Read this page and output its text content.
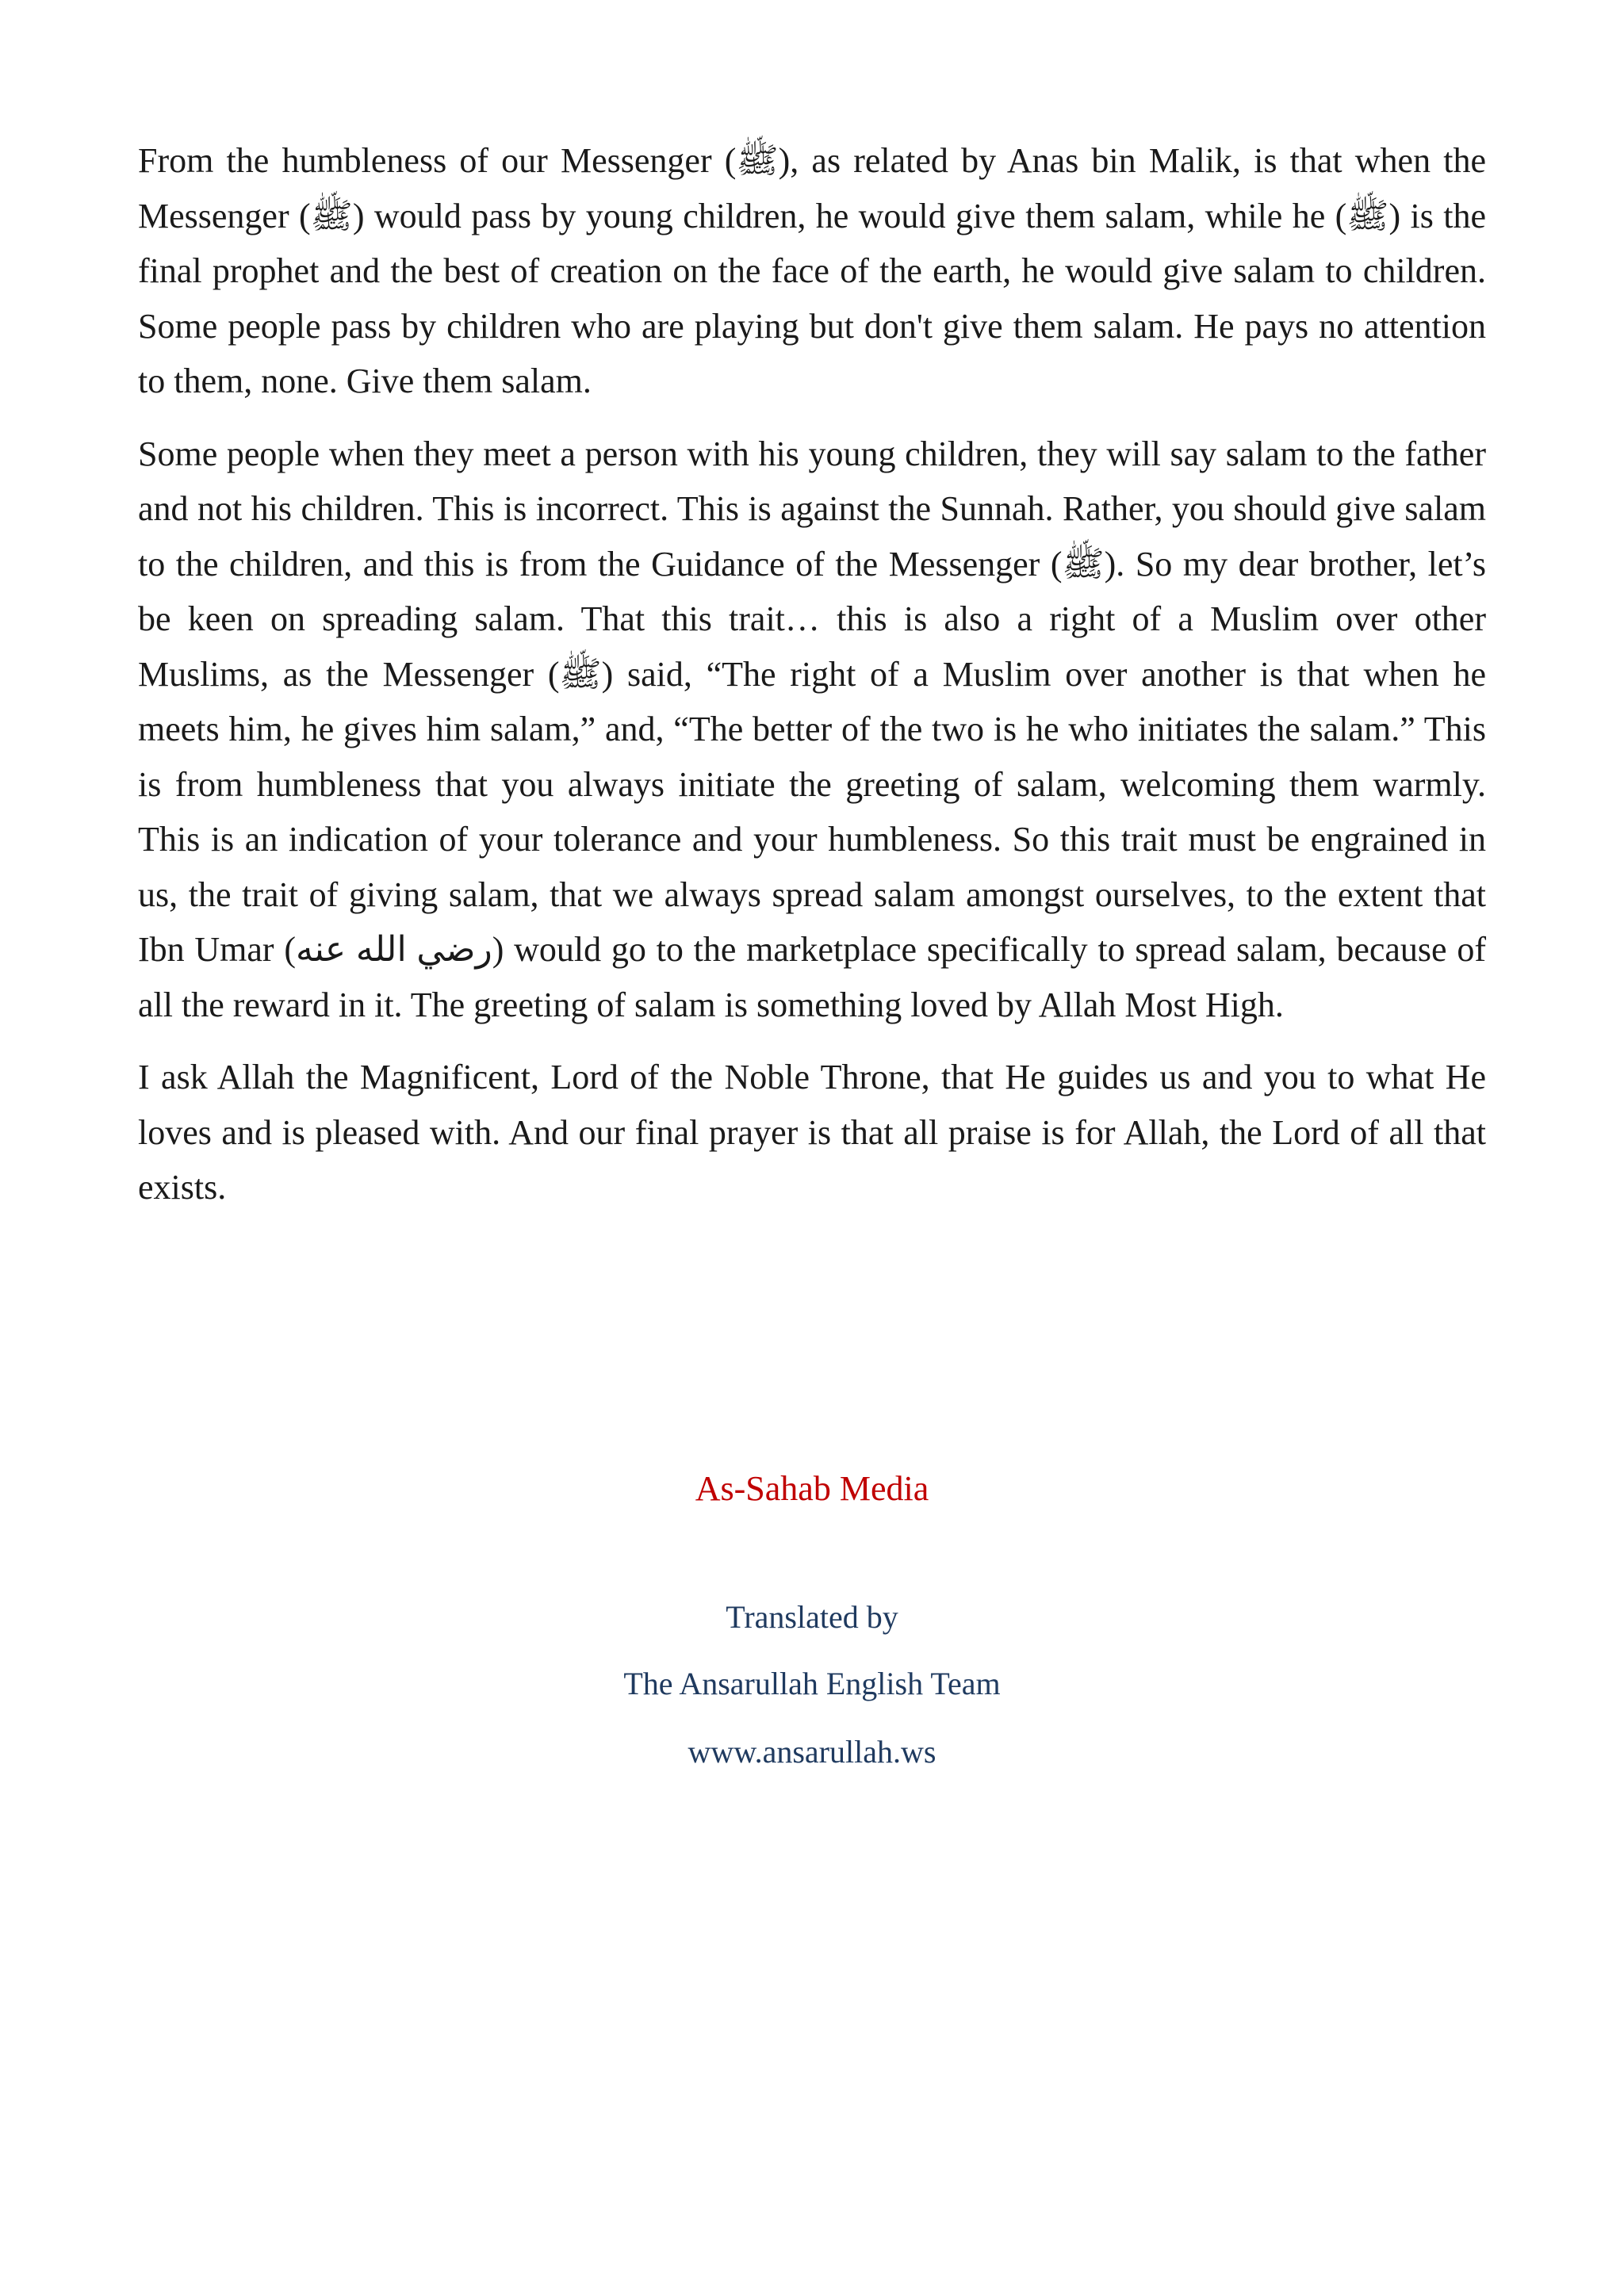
From the humbleness of our Messenger (ﷺ), as related by Anas bin Malik, is that when the Messenger (ﷺ) would pass by young children, he would give them salam, while he (ﷺ) is the final prophet and the best of creation on the face of the earth, he would give salam to children. Some people pass by children who are playing but don't give them salam. He pays no attention to them, none. Give them salam.

Some people when they meet a person with his young children, they will say salam to the father and not his children. This is incorrect. This is against the Sunnah. Rather, you should give salam to the children, and this is from the Guidance of the Messenger (ﷺ). So my dear brother, let’s be keen on spreading salam. That this trait… this is also a right of a Muslim over other Muslims, as the Messenger (ﷺ) said, “The right of a Muslim over another is that when he meets him, he gives him salam,” and, “The better of the two is he who initiates the salam.” This is from humbleness that you always initiate the greeting of salam, welcoming them warmly. This is an indication of your tolerance and your humbleness. So this trait must be engrained in us, the trait of giving salam, that we always spread salam amongst ourselves, to the extent that Ibn Umar (رضي الله عنه) would go to the marketplace specifically to spread salam, because of all the reward in it. The greeting of salam is something loved by Allah Most High.

I ask Allah the Magnificent, Lord of the Noble Throne, that He guides us and you to what He loves and is pleased with. And our final prayer is that all praise is for Allah, the Lord of all that exists.

As-Sahab Media
Translated by
The Ansarullah English Team
www.ansarullah.ws
